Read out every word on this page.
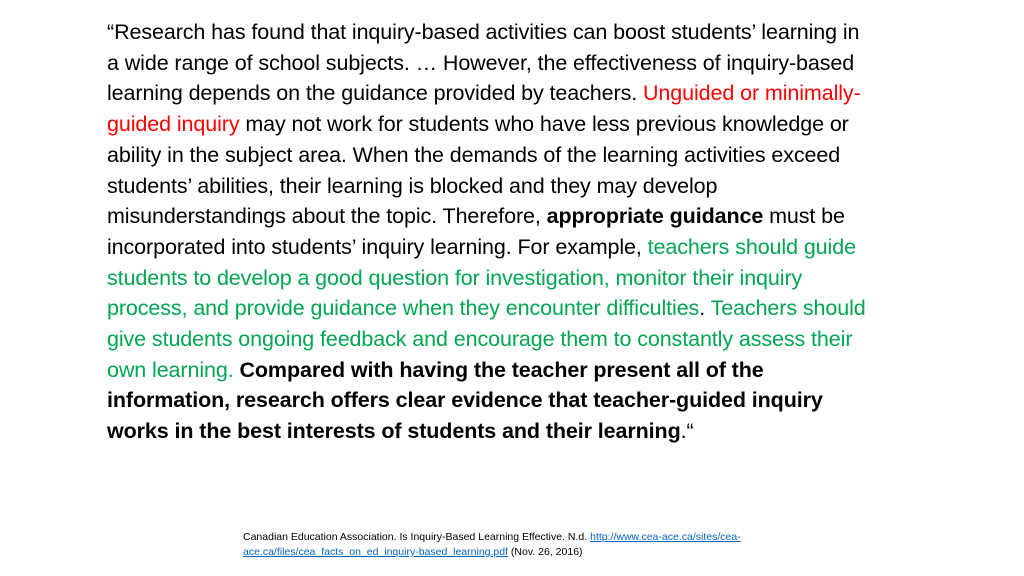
“Research has found that inquiry-based activities can boost students’ learning in a wide range of school subjects. … However, the effectiveness of inquiry-based learning depends on the guidance provided by teachers. Unguided or minimally-guided inquiry may not work for students who have less previous knowledge or ability in the subject area. When the demands of the learning activities exceed students’ abilities, their learning is blocked and they may develop misunderstandings about the topic. Therefore, appropriate guidance must be incorporated into students’ inquiry learning. For example, teachers should guide students to develop a good question for investigation, monitor their inquiry process, and provide guidance when they encounter difficulties. Teachers should give students ongoing feedback and encourage them to constantly assess their own learning. Compared with having the teacher present all of the information, research offers clear evidence that teacher-guided inquiry works in the best interests of students and their learning.“

Canadian Education Association. Is Inquiry-Based Learning Effective. N.d. http://www.cea-ace.ca/sites/cea-ace.ca/files/cea_facts_on_ed_inquiry-based_learning.pdf (Nov. 26, 2016)
